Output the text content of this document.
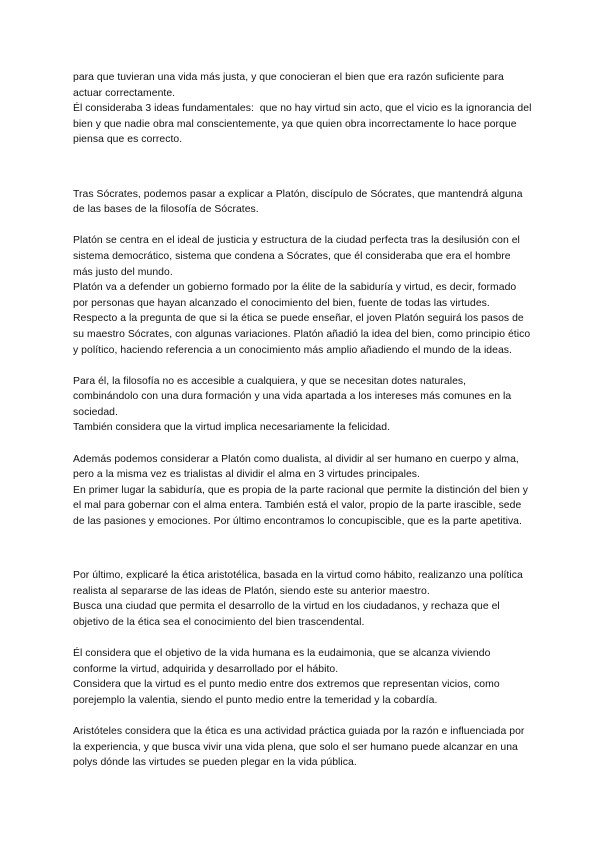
para que tuvieran una vida más justa, y que conocieran el bien que era razón suficiente para actuar correctamente.

Él consideraba 3 ideas fundamentales:  que no hay virtud sin acto, que el vicio es la ignorancia del bien y que nadie obra mal conscientemente, ya que quien obra incorrectamente lo hace porque piensa que es correcto.

Tras Sócrates, podemos pasar a explicar a Platón, discípulo de Sócrates, que mantendrá alguna de las bases de la filosofía de Sócrates.

Platón se centra en el ideal de justicia y estructura de la ciudad perfecta tras la desilusión con el sistema democrático, sistema que condena a Sócrates, que él consideraba que era el hombre más justo del mundo.

Platón va a defender un gobierno formado por la élite de la sabiduría y virtud, es decir, formado por personas que hayan alcanzado el conocimiento del bien, fuente de todas las virtudes.

Respecto a la pregunta de que si la ética se puede enseñar, el joven Platón seguirá los pasos de su maestro Sócrates, con algunas variaciones. Platón añadió la idea del bien, como principio ético y político, haciendo referencia a un conocimiento más amplio añadiendo el mundo de la ideas.

Para él, la filosofía no es accesible a cualquiera, y que se necesitan dotes naturales, combinándolo con una dura formación y una vida apartada a los intereses más comunes en la sociedad.

También considera que la virtud implica necesariamente la felicidad.

Además podemos considerar a Platón como dualista, al dividir al ser humano en cuerpo y alma, pero a la misma vez es trialistas al dividir el alma en 3 virtudes principales.

En primer lugar la sabiduría, que es propia de la parte racional que permite la distinción del bien y el mal para gobernar con el alma entera. También está el valor, propio de la parte irascible, sede de las pasiones y emociones. Por último encontramos lo concupiscible, que es la parte apetitiva.

Por último, explicaré la ética aristotélica, basada en la virtud como hábito, realizanzo una política realista al separarse de las ideas de Platón, siendo este su anterior maestro.

Busca una ciudad que permita el desarrollo de la virtud en los ciudadanos, y rechaza que el objetivo de la ética sea el conocimiento del bien trascendental.

Él considera que el objetivo de la vida humana es la eudaimonia, que se alcanza viviendo conforme la virtud, adquirida y desarrollado por el hábito.

Considera que la virtud es el punto medio entre dos extremos que representan vicios, como porejemplo la valentia, siendo el punto medio entre la temeridad y la cobardía.

Aristóteles considera que la ética es una actividad práctica guiada por la razón e influenciada por la experiencia, y que busca vivir una vida plena, que solo el ser humano puede alcanzar en una polys dónde las virtudes se pueden plegar en la vida pública.
